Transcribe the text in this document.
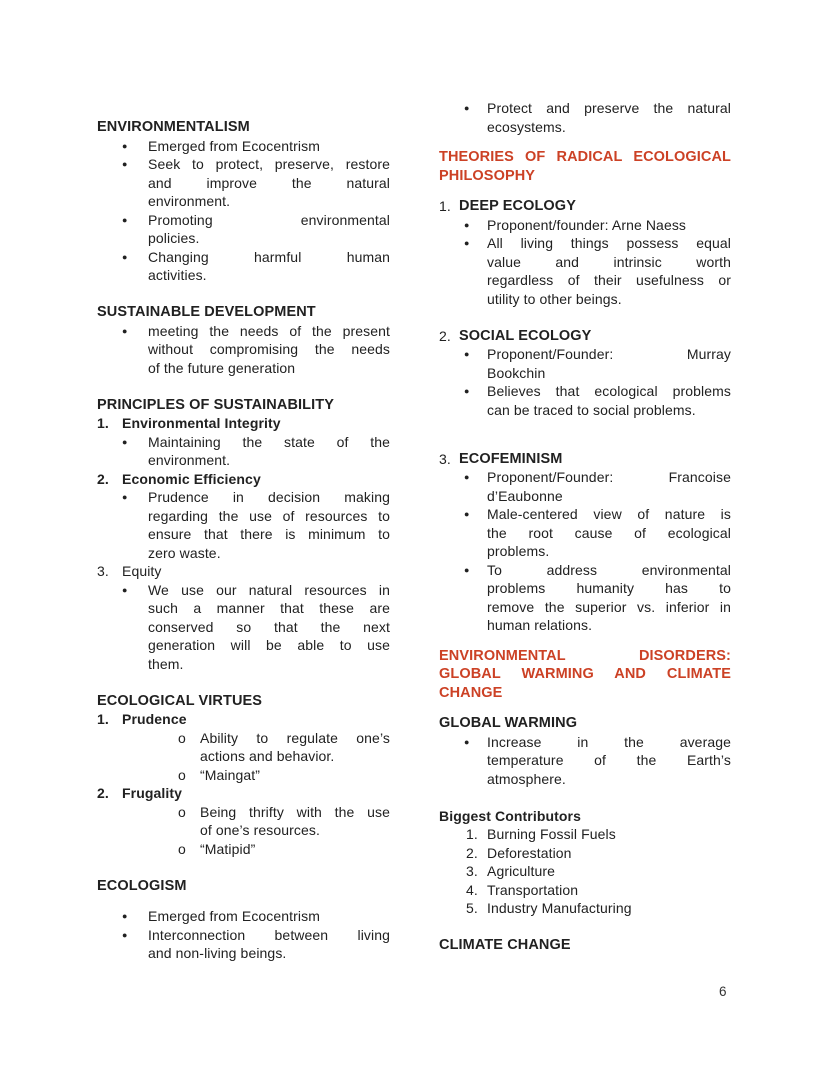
ENVIRONMENTALISM
● Emerged from Ecocentrism
● Seek to protect, preserve, restore
and improve the natural
environment.
● Promoting environmental
policies.
● Changing harmful human
activities.
SUSTAINABLE DEVELOPMENT
● meeting the needs of the present
without compromising the needs
of the future generation
PRINCIPLES OF SUSTAINABILITY
1. Environmental Integrity
● Maintaining the state of the
environment.
2. Economic Efficiency
● Prudence in decision making
regarding the use of resources to
ensure that there is minimum to
zero waste.
3. Equity
● We use our natural resources in
such a manner that these are
conserved so that the next
generation will be able to use
them.
ECOLOGICAL VIRTUES
1. Prudence
o Ability to regulate one’s
actions and behavior.
o “Maingat”
2. Frugality
o Being thrifty with the use
of one’s resources.
o “Matipid”
ECOLOGISM
● Emerged from Ecocentrism
● Interconnection between living
and non-living beings.
● Protect and preserve the natural
ecosystems.
THEORIES OF RADICAL ECOLOGICAL
PHILOSOPHY
1. DEEP ECOLOGY
● Proponent/founder: Arne Naess
● All living things possess equal
value and intrinsic worth
regardless of their usefulness or
utility to other beings.
2. SOCIAL ECOLOGY
● Proponent/Founder: Murray
Bookchin
● Believes that ecological problems
can be traced to social problems.
3. ECOFEMINISM
● Proponent/Founder: Francoise
d’Eaubonne
● Male-centered view of nature is
the root cause of ecological
problems.
● To address environmental
problems humanity has to
remove the superior vs. inferior in
human relations.
ENVIRONMENTAL DISORDERS:
GLOBAL WARMING AND CLIMATE
CHANGE
GLOBAL WARMING
● Increase in the average
temperature of the Earth’s
atmosphere.
Biggest Contributors
1. Burning Fossil Fuels
2. Deforestation
3. Agriculture
4. Transportation
5. Industry Manufacturing
CLIMATE CHANGE
6
